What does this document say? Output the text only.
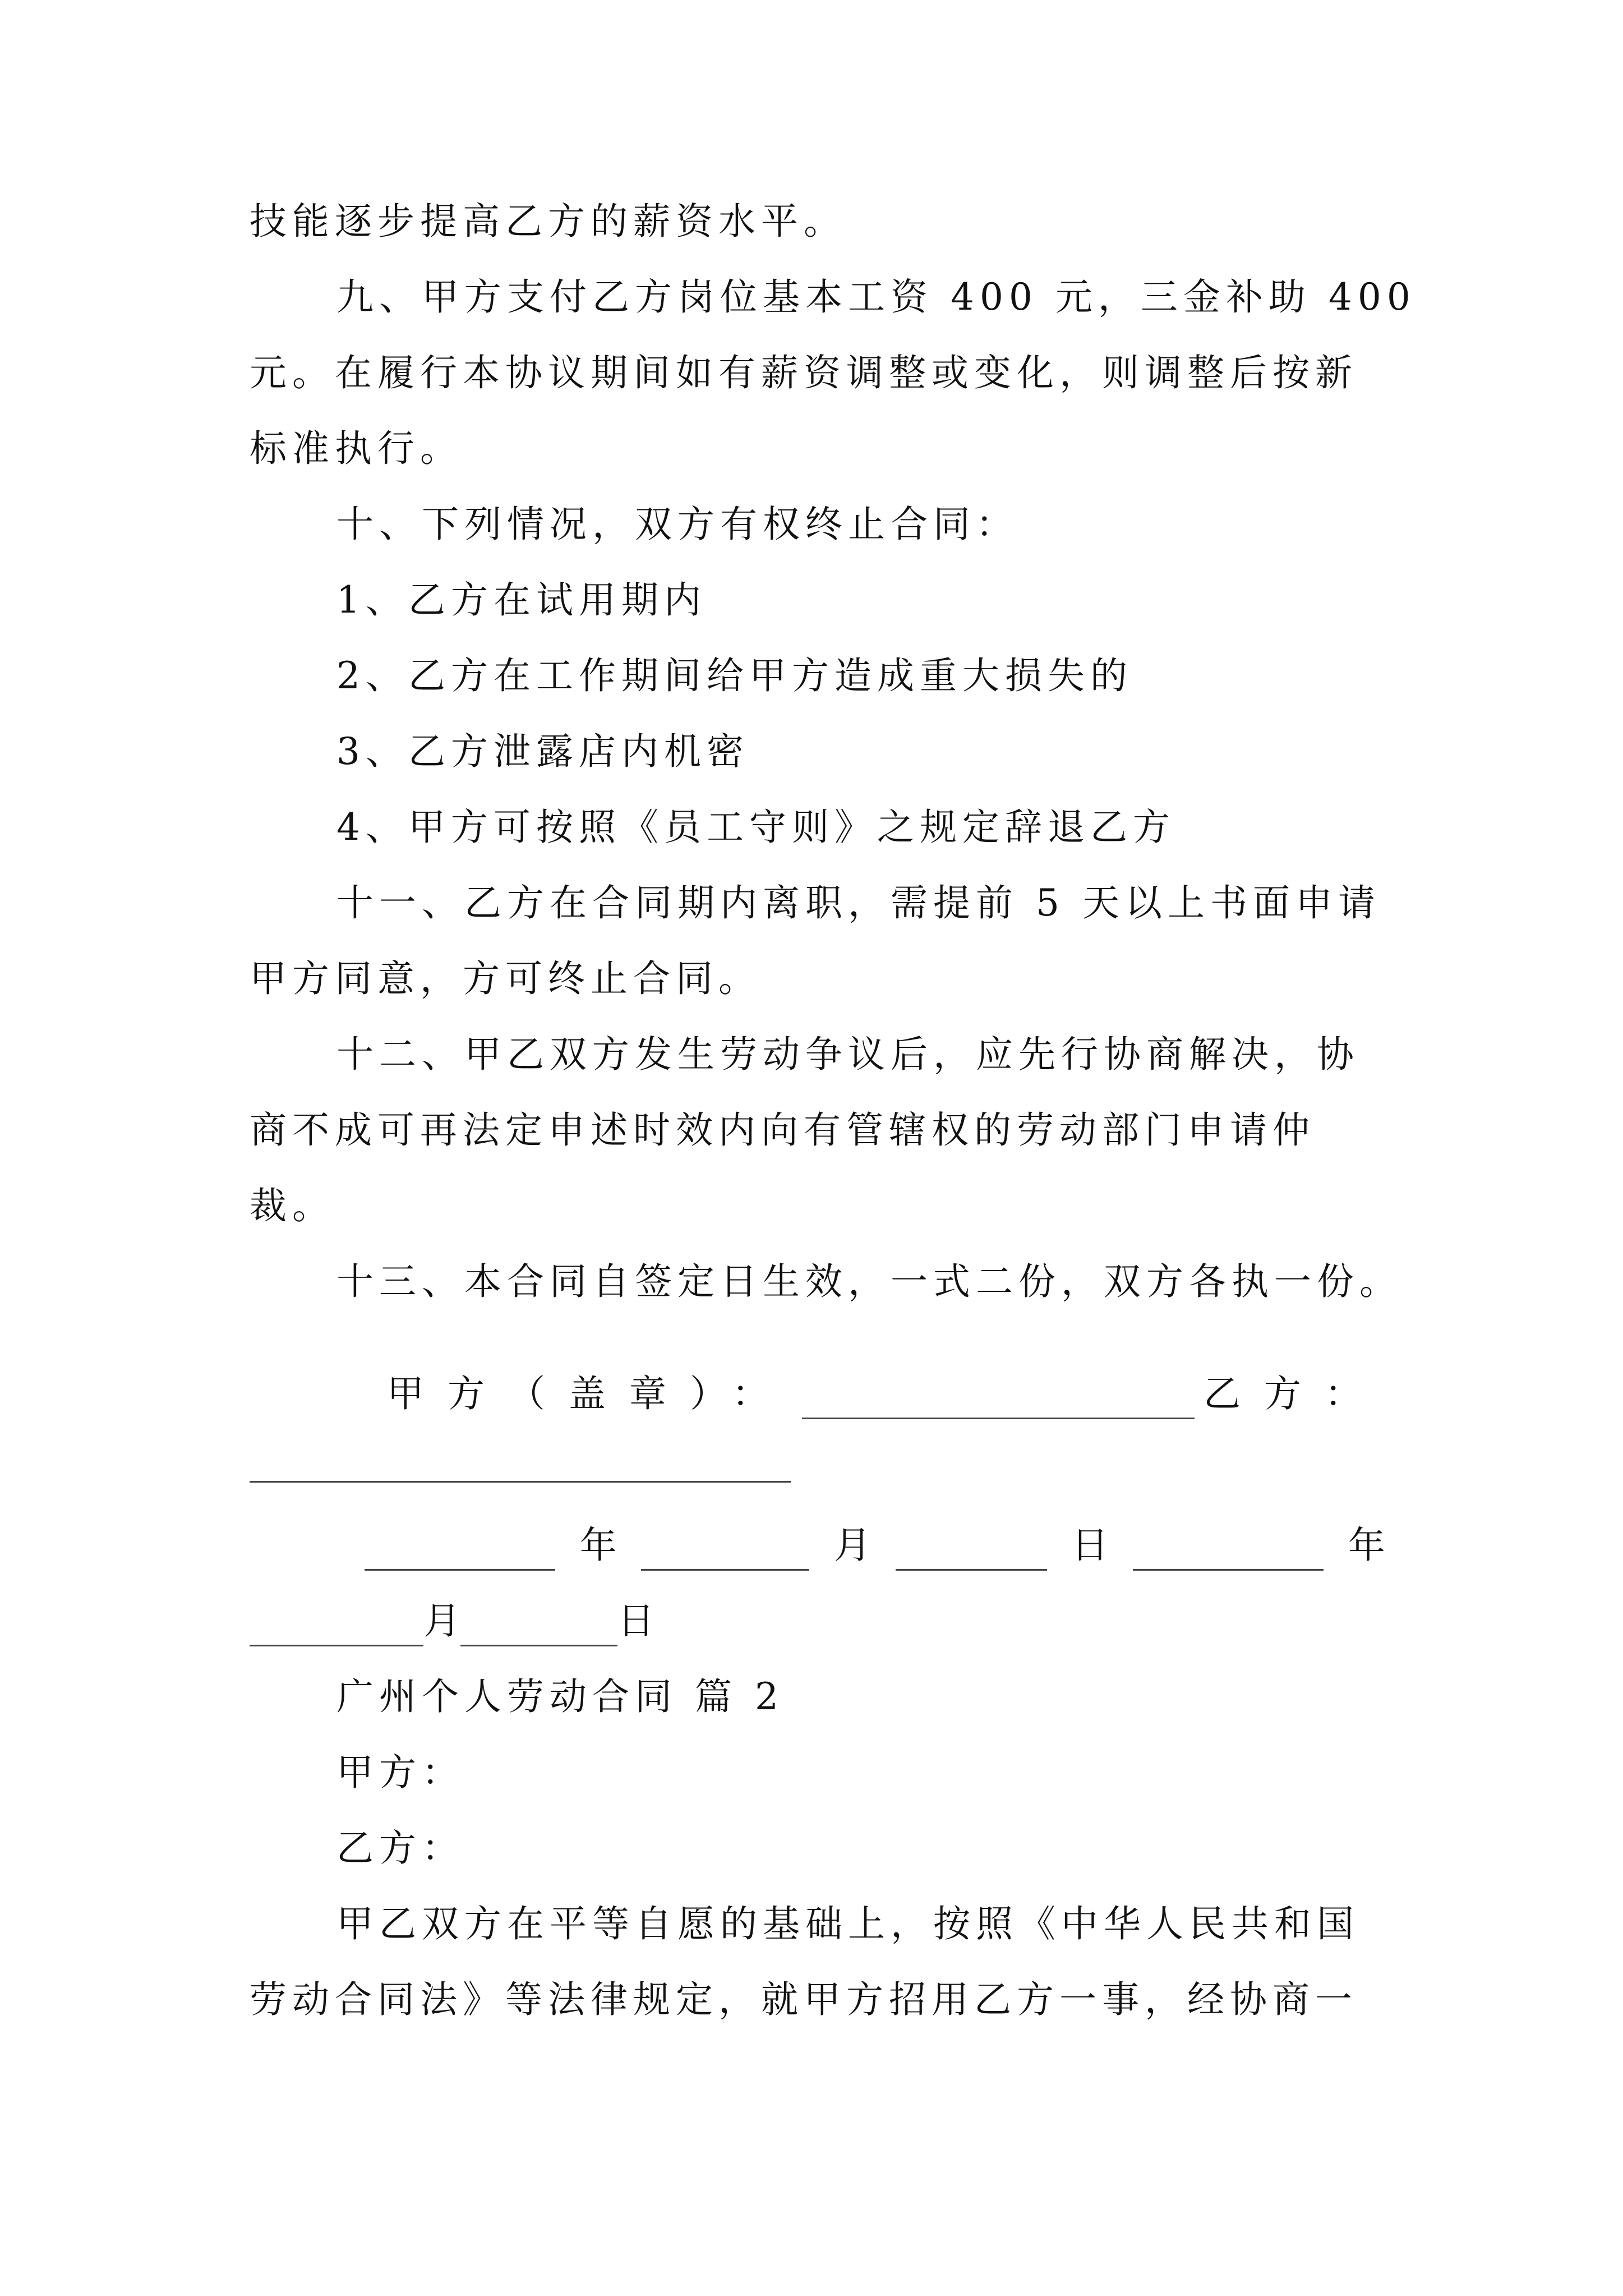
技能逐步提高乙方的薪资水平。
九、甲方支付乙方岗位基本工资 400 元，三金补助 400
元。在履行本协议期间如有薪资调整或变化，则调整后按新
标准执行。
十、下列情况，双方有权终止合同：
1、乙方在试用期内
2、乙方在工作期间给甲方造成重大损失的
3、乙方泄露店内机密
4、甲方可按照《员工守则》之规定辞退乙方
十一、乙方在合同期内离职，需提前 5 天以上书面申请
甲方同意，方可终止合同。
十二、甲乙双方发生劳动争议后，应先行协商解决，协
商不成可再法定申述时效内向有管辖权的劳动部门申请仲
裁。
十三、本合同自签定日生效，一式二份，双方各执一份。
甲方（盖章）：	乙方：
年	月	日	年
月	日
广州个人劳动合同 篇 2
甲方：
乙方：
甲乙双方在平等自愿的基础上，按照《中华人民共和国
劳动合同法》等法律规定，就甲方招用乙方一事，经协商一
